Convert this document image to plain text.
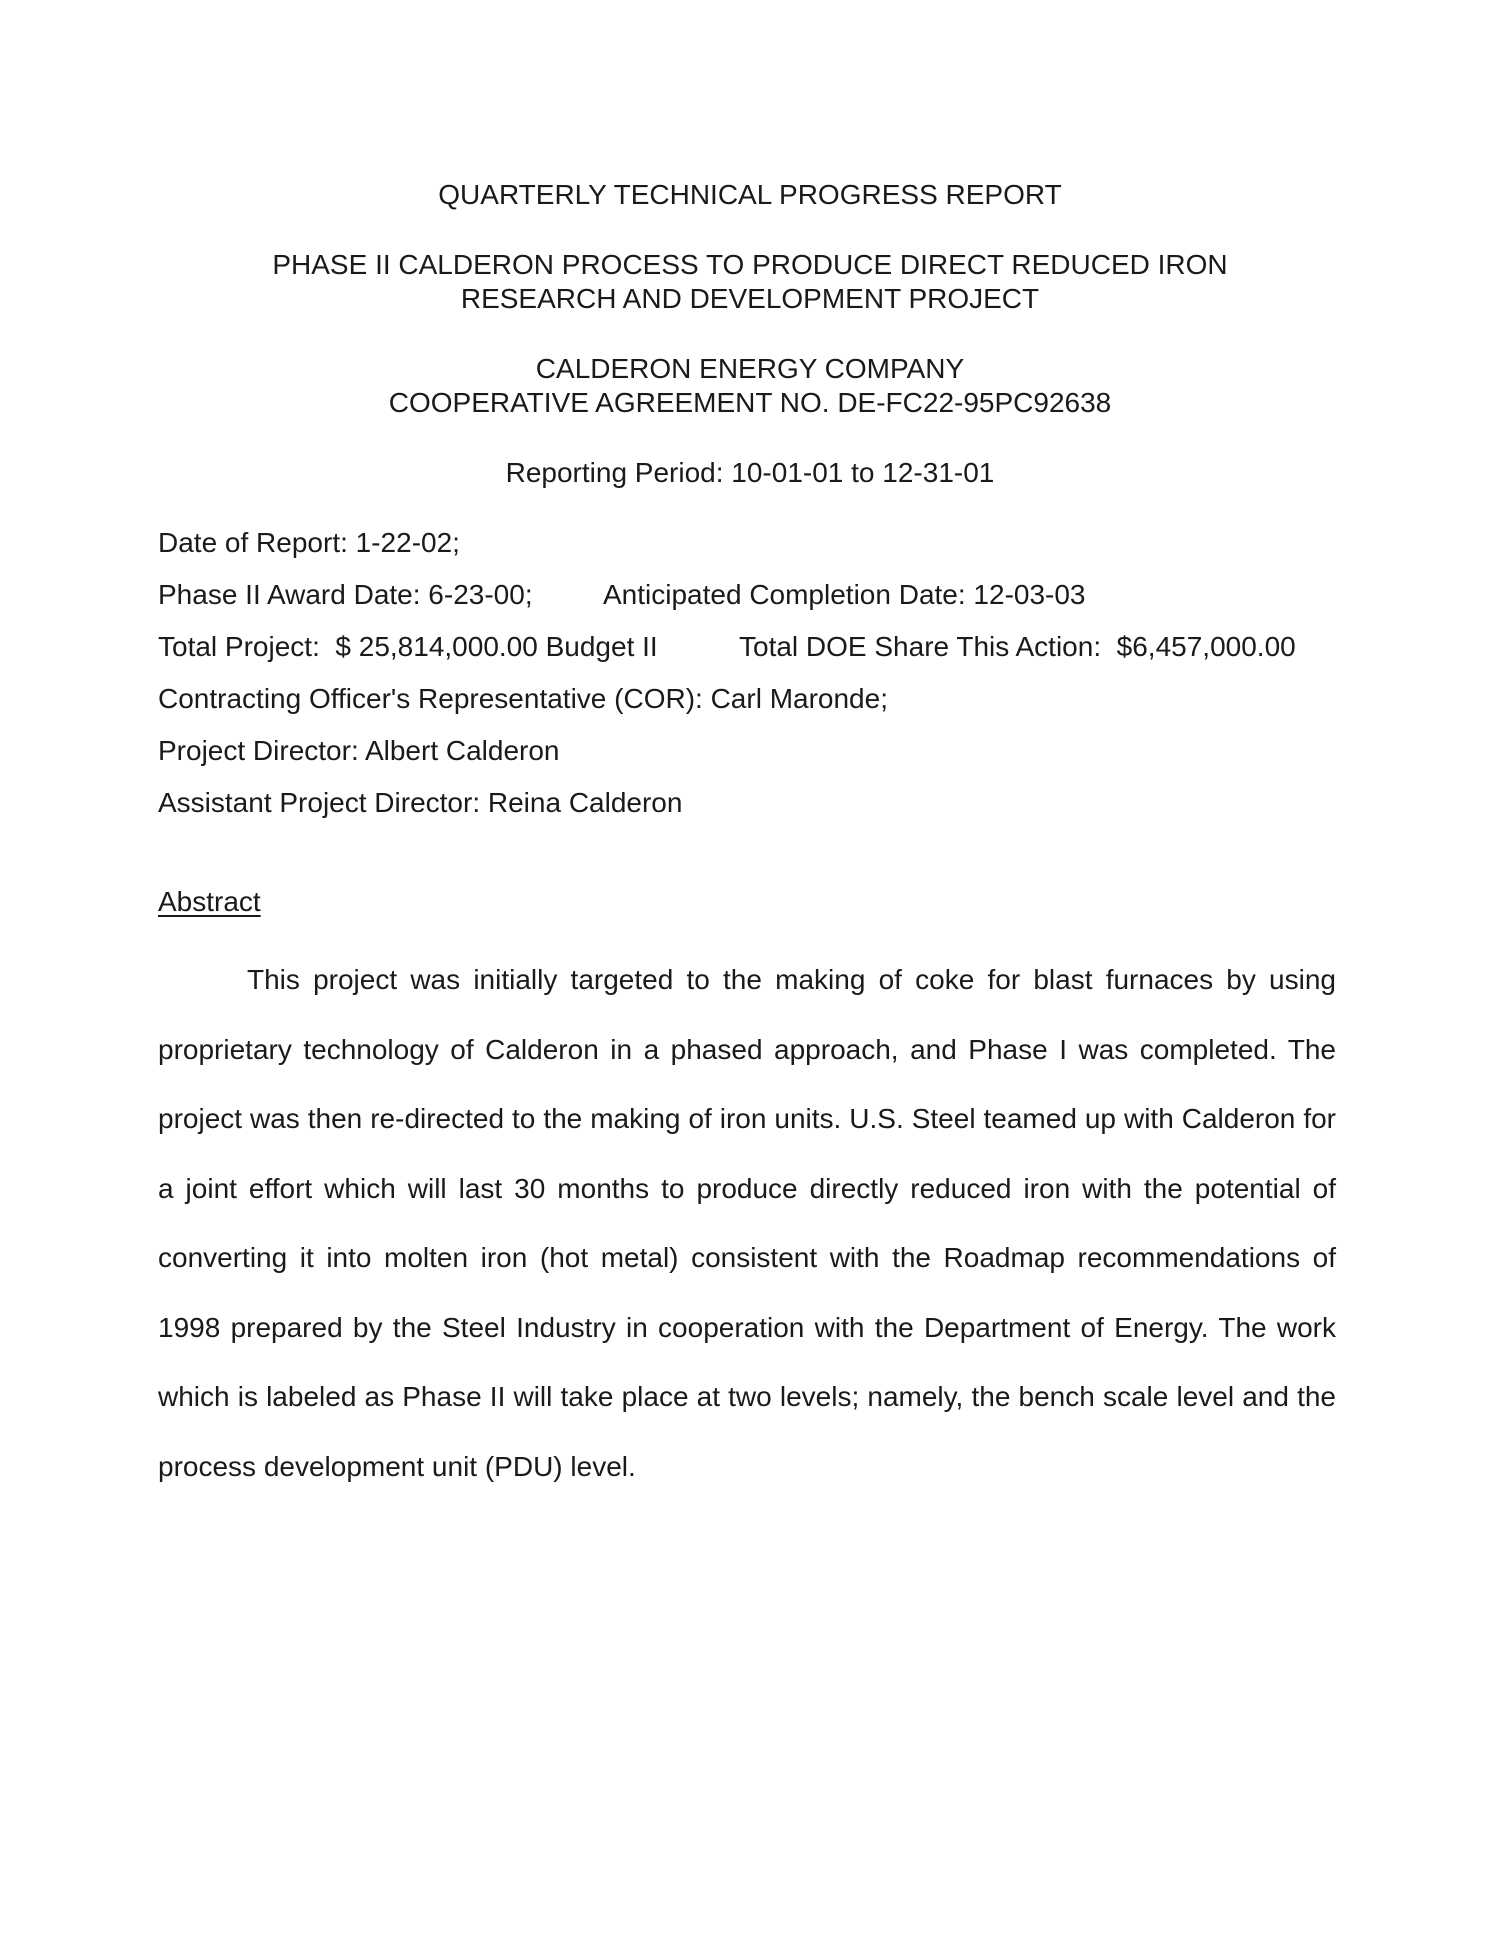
QUARTERLY TECHNICAL PROGRESS REPORT
PHASE II CALDERON PROCESS TO PRODUCE DIRECT REDUCED IRON
RESEARCH AND DEVELOPMENT PROJECT
CALDERON ENERGY COMPANY
COOPERATIVE AGREEMENT NO. DE-FC22-95PC92638
Reporting Period: 10-01-01 to 12-31-01
Date of Report: 1-22-02;
Phase II Award Date: 6-23-00;	Anticipated Completion Date: 12-03-03
Total Project:  $ 25,814,000.00 Budget II	Total DOE Share This Action:  $6,457,000.00
Contracting Officer's Representative (COR): Carl Maronde;
Project Director: Albert Calderon
Assistant Project Director: Reina Calderon
Abstract

This project was initially targeted to the making of coke for blast furnaces by using proprietary technology of Calderon in a phased approach, and Phase I was completed. The project was then re-directed to the making of iron units. U.S. Steel teamed up with Calderon for a joint effort which will last 30 months to produce directly reduced iron with the potential of converting it into molten iron (hot metal) consistent with the Roadmap recommendations of 1998 prepared by the Steel Industry in cooperation with the Department of Energy. The work which is labeled as Phase II will take place at two levels; namely, the bench scale level and the process development unit (PDU) level.
